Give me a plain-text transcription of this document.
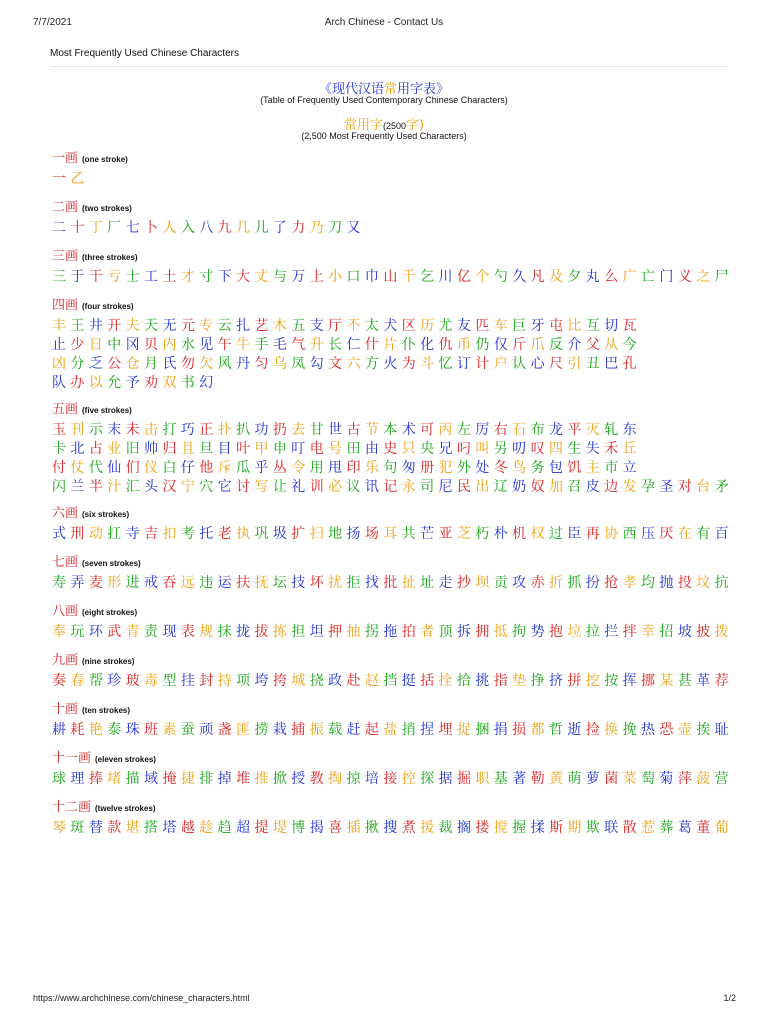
7/7/2021	Arch Chinese - Contact Us
Most Frequently Used Chinese Characters
《现代汉语常用字表》
(Table of Frequently Used Contemporary Chinese Characters)
常用字(2500字)
(2,500 Most Frequently Used Characters)
一画 (one stroke)
一乙
二画 (two strokes)
二十丁厂七卜人入八九几儿了力乃刀又
三画 (three strokes)
三于干亏士工土才寸下大丈与万上小口巾山千乞川亿个勺久凡及夕丸么广亡门义之尸
四画 (four strokes)
丰王井开夫天无元专云扎艺木五支厅不太犬区历尤友匹车巨牙屯比互切瓦
止少日中冈贝内水见午牛手毛气升长仁什片仆化仇币仍仅斤爪反介父从今
凶分乏公仓月氏勿欠风丹匀乌凤勾文六方火为斗忆订计户认心尺引丑巴孔
队办以允予劝双书幻
五画 (five strokes)
玉刊示末未击打巧正扑扒功扔去甘世古节本术可丙左厉右石布龙平灭轧东
卡北占业旧帅归且旦目叶甲申叮电号田由史只央兄叼叫另叨叹四生失禾丘
付仗代仙们仪白仔他斥瓜乎丛令用甩印乐句匆册犯外处冬鸟务包饥主市立
闪兰半汁汇头汉宁穴它讨写让礼训必议讯记永司尼民出辽奶奴加召皮边发孕圣对台矛
六画 (six strokes)
式刑动扛寺吉扣考托老执巩圾扩扫地扬场耳共芒亚芝朽朴机权过臣再协西压厌在有百
七画 (seven strokes)
寿弄麦形进戒吞远违运扶抚坛技坏扰拒找批扯址走抄坝贡攻赤折抓扮抢孝均抛投坟抗
八画 (eight strokes)
奉玩环武青责现表规抹拢拔拣担坦押抽拐拖拍者顶拆拥抵拘势抱垃拉拦拌幸招坡披拨
九画 (nine strokes)
奏春帮珍玻毒型挂封持项垮挎城挠政赴赵挡挺括拴拾挑指垫挣挤拼挖按挥挪某甚革荐
十画 (ten strokes)
耕耗艳泰珠班素蚕顽盏匪捞栽捕振载赶起盐捎捏埋捉捆捐损都哲逝捡换挽热恐壶挨耻
十一画 (eleven strokes)
球理捧堵描域掩捷排掉堆推掀授教掏掠培接控探据掘职基著勒黄萌萝菌菜萄菊萍菠营
十二画 (twelve strokes)
琴斑替款堪搭塔越趁趋超提堤博揭喜插揪搜煮援裁搁搂搅握揉斯期欺联散惹葬葛董葡
https://www.archchinese.com/chinese_characters.html	1/2
